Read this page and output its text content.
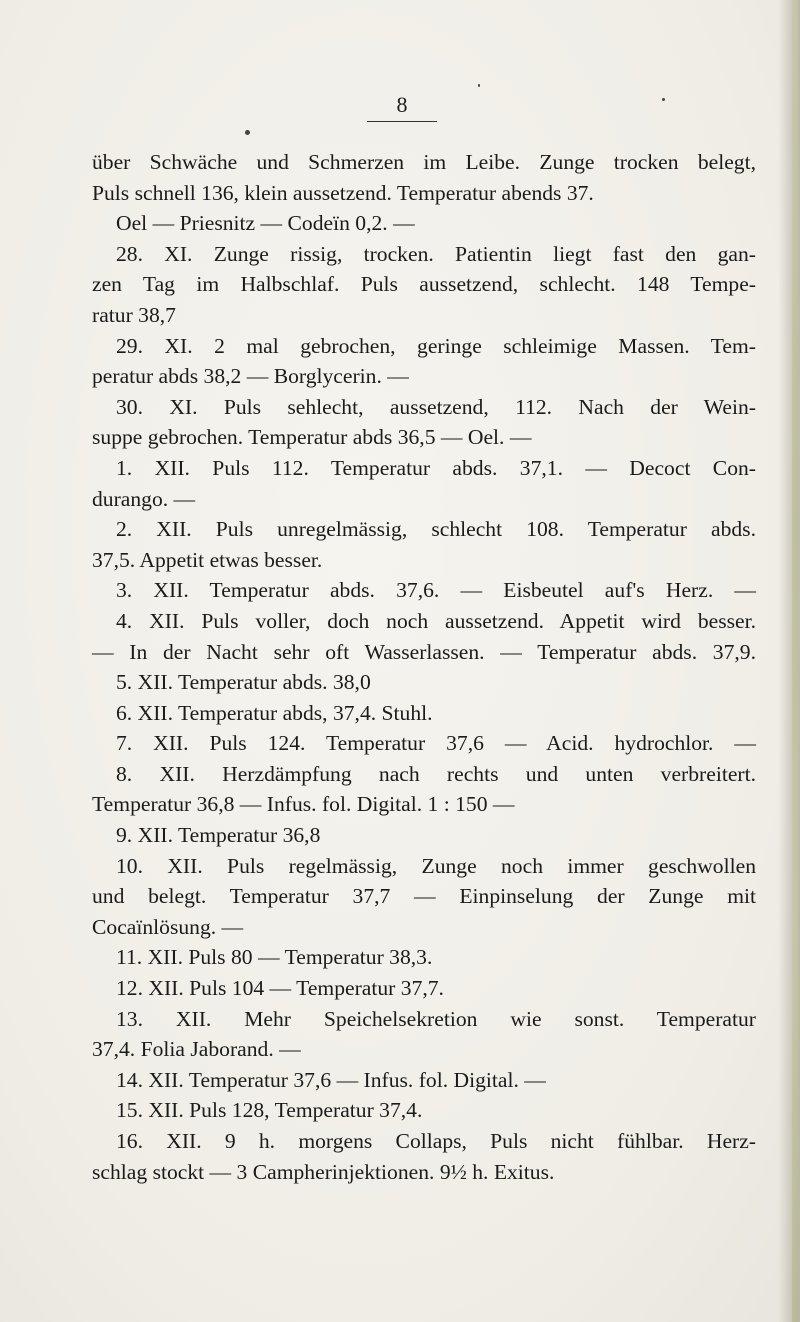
8
über Schwäche und Schmerzen im Leibe. Zunge trocken belegt,
Puls schnell 136, klein aussetzend. Temperatur abends 37.
Oel — Priesnitz — Codeïn 0,2. —
28. XI. Zunge rissig, trocken. Patientin liegt fast den gan-
zen Tag im Halbschlaf. Puls aussetzend, schlecht. 148 Tempe-
ratur 38,7
29. XI. 2 mal gebrochen, geringe schleimige Massen. Tem-
peratur abds 38,2 — Borglycerin. —
30. XI. Puls sehlecht, aussetzend, 112. Nach der Wein-
suppe gebrochen. Temperatur abds 36,5 — Oel. —
1. XII. Puls 112. Temperatur abds. 37,1. — Decoct Con-
durango. —
2. XII. Puls unregelmässig, schlecht 108. Temperatur abds.
37,5. Appetit etwas besser.
3. XII. Temperatur abds. 37,6. — Eisbeutel auf's Herz. —
4. XII. Puls voller, doch noch aussetzend. Appetit wird besser.
— In der Nacht sehr oft Wasserlassen. — Temperatur abds. 37,9.
5. XII. Temperatur abds. 38,0
6. XII. Temperatur abds, 37,4. Stuhl.
7. XII. Puls 124. Temperatur 37,6 — Acid. hydrochlor. —
8. XII. Herzdämpfung nach rechts und unten verbreitert.
Temperatur 36,8 — Infus. fol. Digital. 1 : 150 —
9. XII. Temperatur 36,8
10. XII. Puls regelmässig, Zunge noch immer geschwollen
und belegt. Temperatur 37,7 — Einpinselung der Zunge mit
Cocaïnlösung. —
11. XII. Puls 80 — Temperatur 38,3.
12. XII. Puls 104 — Temperatur 37,7.
13. XII. Mehr Speichelsekretion wie sonst. Temperatur
37,4. Folia Jaborand. —
14. XII. Temperatur 37,6 — Infus. fol. Digital. —
15. XII. Puls 128, Temperatur 37,4.
16. XII. 9 h. morgens Collaps, Puls nicht fühlbar. Herz-
schlag stockt — 3 Campherinjektionen. 9½ h. Exitus.
